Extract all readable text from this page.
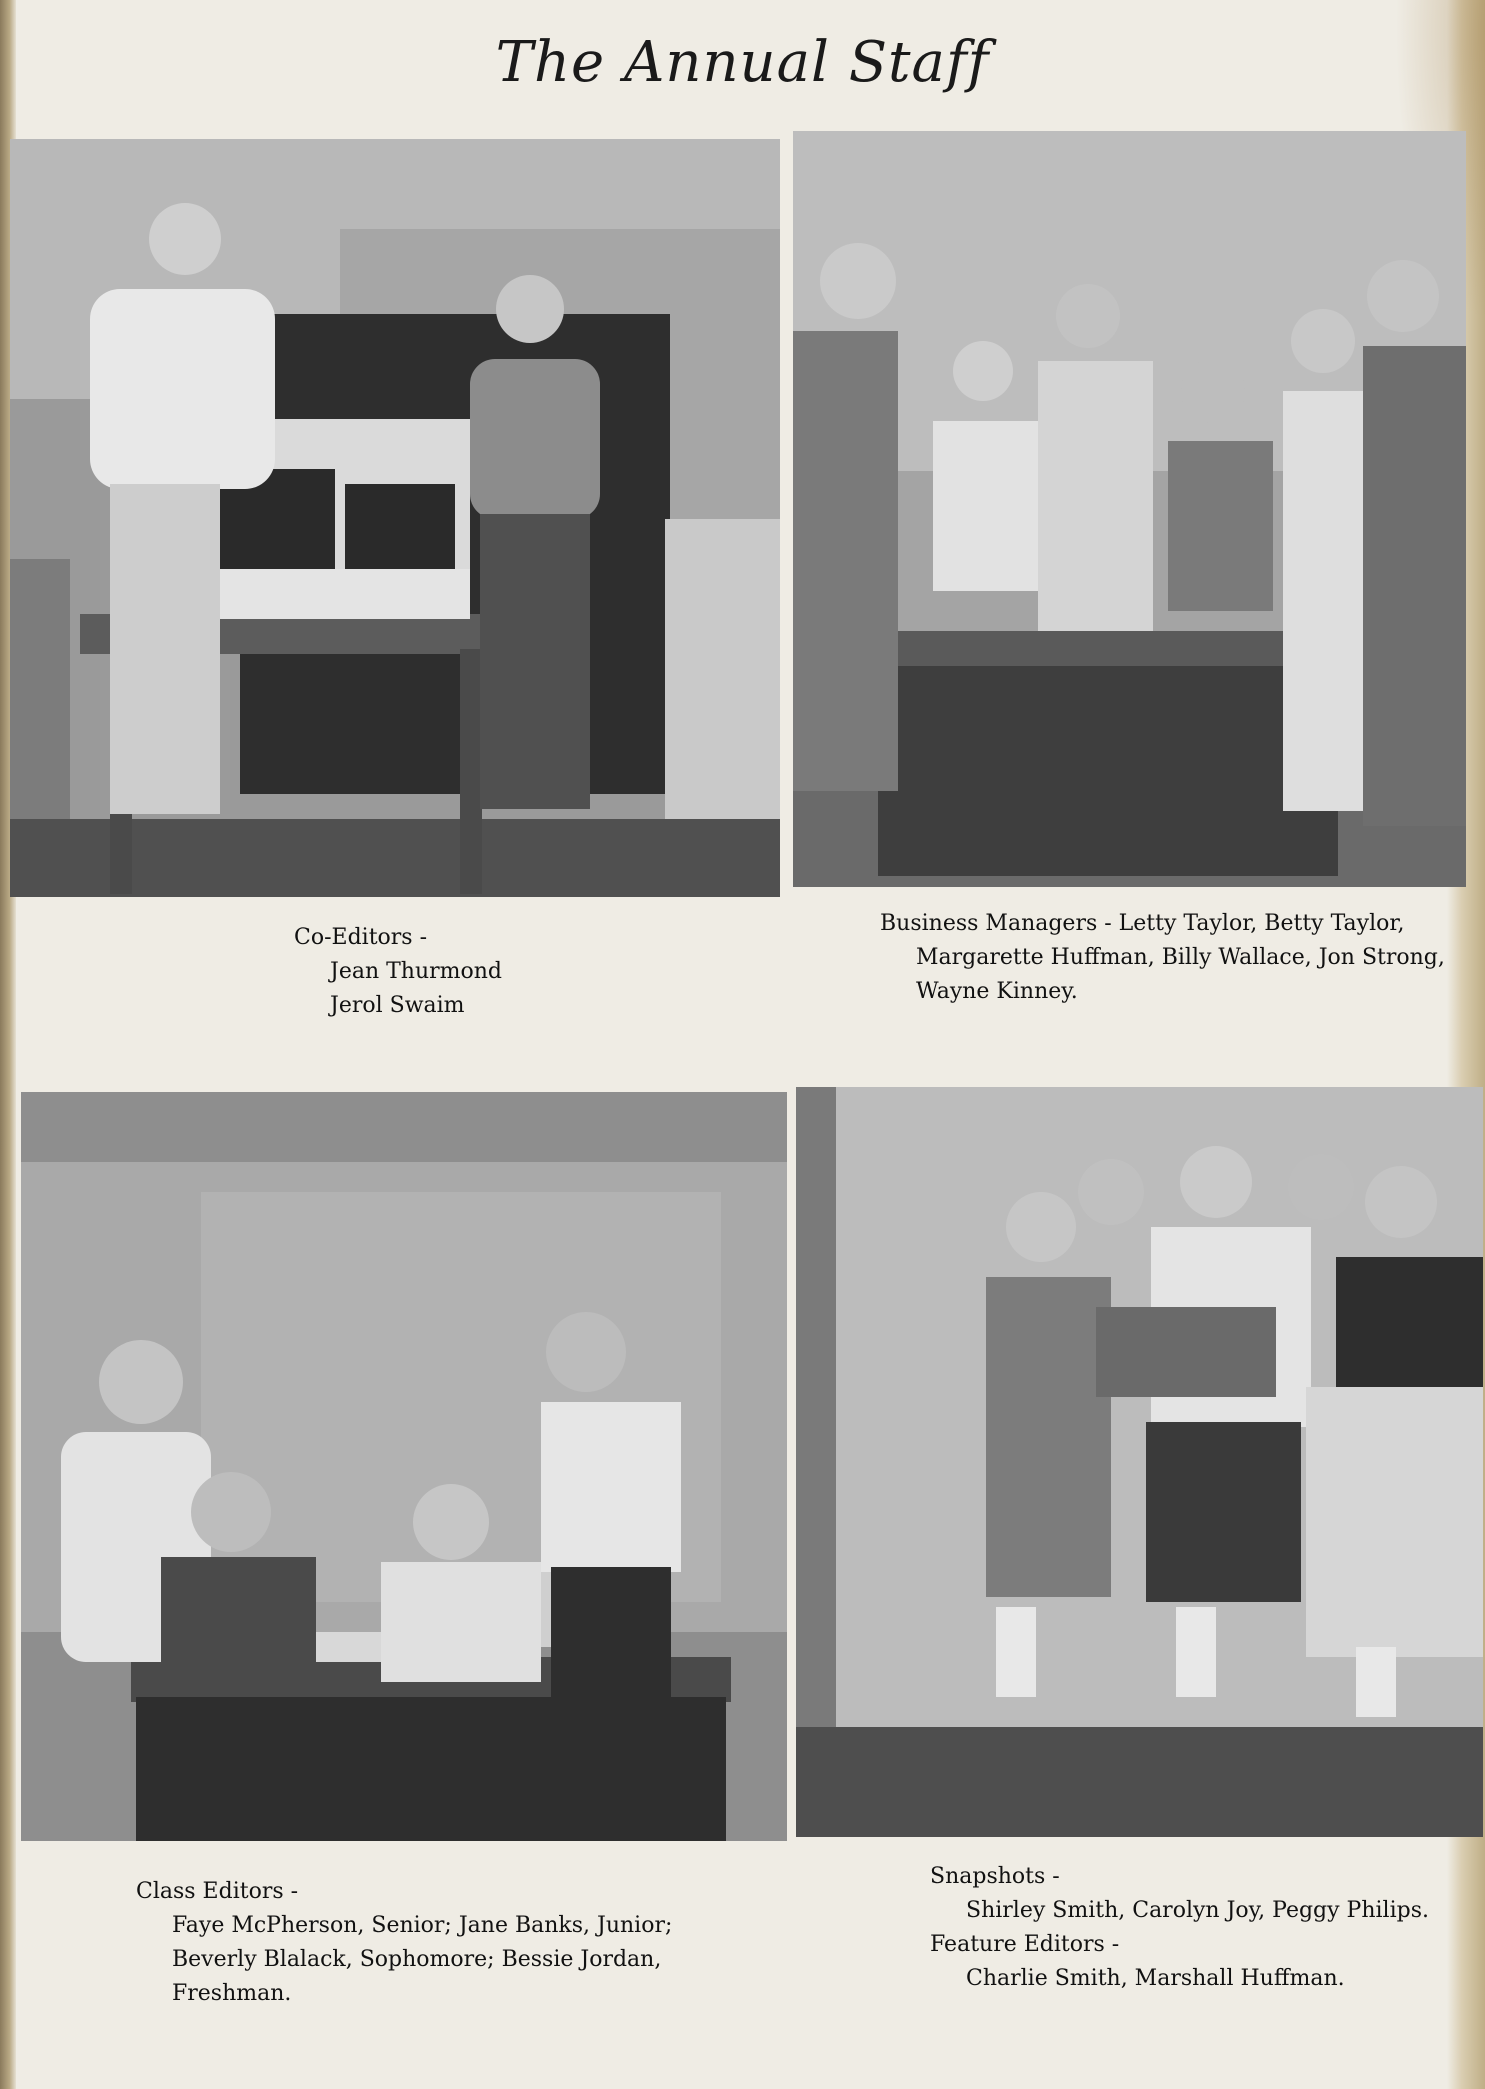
The Annual Staff
Co-Editors -
Jean Thurmond
Jerol Swaim
Business Managers - Letty Taylor, Betty Taylor,
Margarette Huffman, Billy Wallace, Jon Strong,
Wayne Kinney.
Class Editors -
Faye McPherson, Senior; Jane Banks, Junior;
Beverly Blalack, Sophomore; Bessie Jordan,
Freshman.
Snapshots -
Shirley Smith, Carolyn Joy, Peggy Philips.
Feature Editors -
Charlie Smith, Marshall Huffman.
